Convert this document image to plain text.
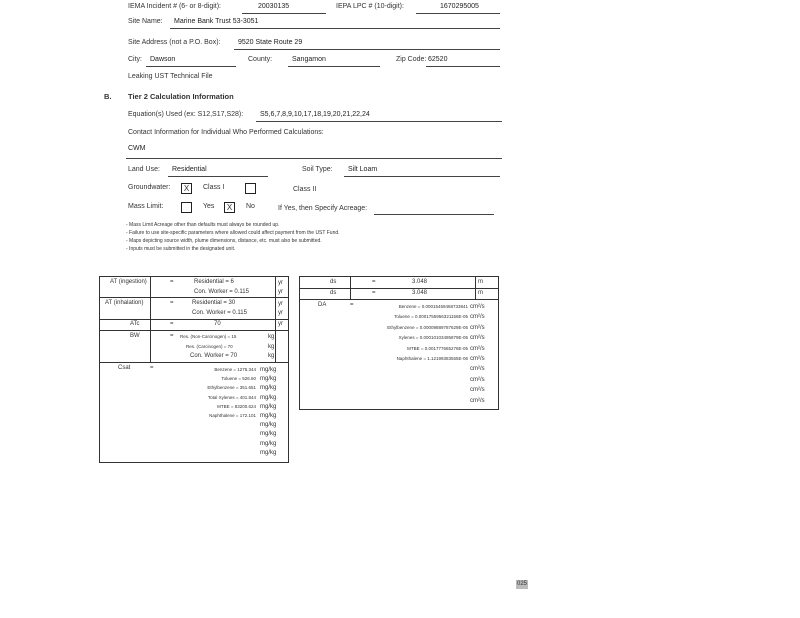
IEMA Incident # (6- or 8-digit):	20030135	IEPA LPC # (10-digit):	1670295005
Site Name: Marine Bank Trust 53-3051
Site Address (not a P.O. Box):	9520 State Route 29
City: Dawson	County:	Sangamon	Zip Code: 62520
Leaking UST Technical File
B. Tier 2 Calculation Information
Equation(s) Used (ex: S12,S17,S28): S5,6,7,8,9,10,17,18,19,20,21,22,24
Contact Information for Individual Who Performed Calculations:
CWM
Land Use: Residential	Soil Type: Silt Loam
Groundwater:	X	Class I	Class II
Mass Limit:	Yes	X	No	If Yes, then Specify Acreage:
- Mass Limit Acreage other than defaults must always be rounded up.
- Failure to use site-specific parameters where allowed could affect payment from the UST Fund.
- Maps depicting source width, plume dimensions, distance, etc. must also be submitted.
- Inputs must be submitted in the designated unit.
AT (ingestion)	=	Residential = 6	yr
Con. Worker = 0.115	yr
AT (inhalation)	=	Residential = 30	yr
Con. Worker = 0.115	yr
ATc	=	70	yr
BW	= Res. (Non-Carcinogen) = 15	kg
Res. (Carcinogen) = 70	kg
Con. Worker = 70	kg
Csat	=	Benzene = 1275.344 mg/kg
Toluene = 526.60 mg/kg
Ethylbenzene = 351.651 mg/kg
Total Xylenes = 401.844 mg/kg
MTBE = 83200.624 mg/kg
Naphthalene = 172.101 mg/kg
mg/kg
mg/kg
mg/kg
mg/kg
ds	=	3.048	m
ds	=	3.048	m
DA	=	Benzene = 0.00015459468733841 cm²/s
Toluene = 0.0001755956321156E-05 cm²/s
Ethylbenzene = 0.00009889787629E-05 cm²/s
Xylenes = 0.00010103495879E-05 cm²/s
MTBE = 0.001777665276E-05 cm²/s
Naphthalene = 1.12199383555E-06 cm²/s
cm²/s
cm²/s
cm²/s
cm²/s
025
